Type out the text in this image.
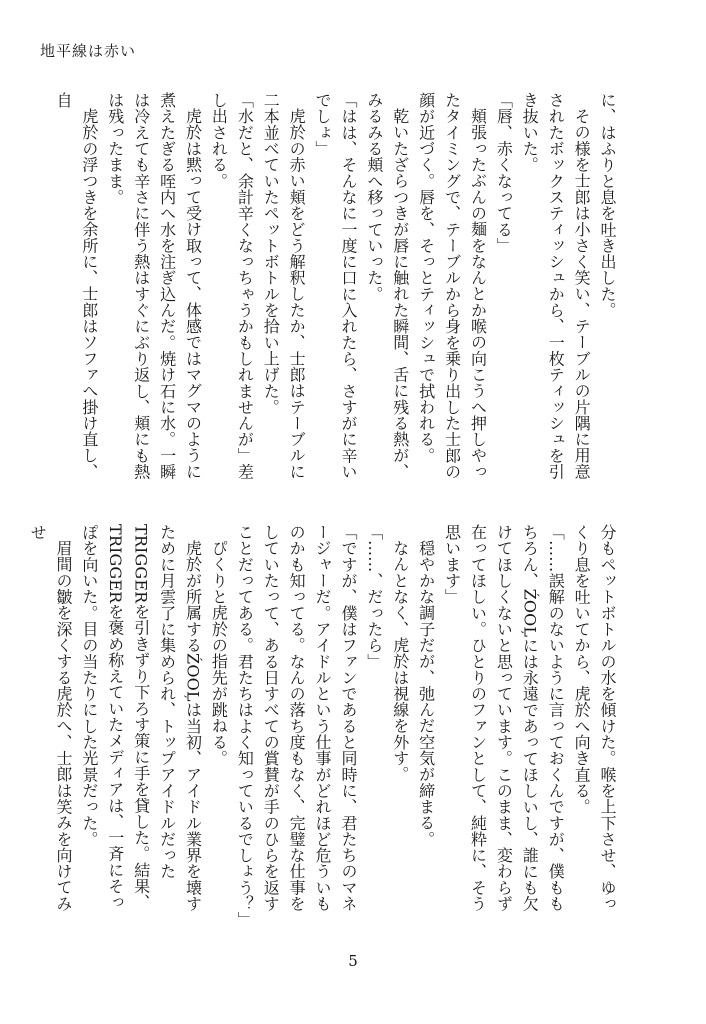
地平線は赤い

に、はふりと息を吐き出した。

その様を士郎は小さく笑い、テーブルの片隅に用意されたボックスティッシュから、一枚ティッシュを引き抜いた。

「唇、赤くなってる」

頬張ったぶんの麺をなんとか喉の向こうへ押しやったタイミングで、テーブルから身を乗り出した士郎の顔が近づく。唇を、そっとティッシュで拭われる。

乾いたざらつきが唇に触れた瞬間、舌に残る熱が、みるみる頬へ移っていった。

「はは、そんなに一度に口に入れたら、さすがに辛いでしょ」

虎於の赤い頬をどう解釈したか、士郎はテーブルに二本並べていたペットボトルを拾い上げた。

「水だと、余計辛くなっちゃうかもしれませんが」差し出される。

虎於は黙って受け取って、体感ではマグマのように煮えたぎる咥内へ水を注ぎ込んだ。焼け石に水。一瞬は冷えても辛さに伴う熱はすぐにぶり返し、頬にも熱は残ったまま。

虎於の浮つきを余所に、士郎はソファへ掛け直し、自

分もペットボトルの水を傾けた。喉を上下させ、ゆっくり息を吐いてから、虎於へ向き直る。

「……誤解のないように言っておくんですが、僕ももちろん、ŹOOĻには永遠であってほしいし、誰にも欠けてほしくないと思っています。このまま、変わらず在ってほしい。ひとりのファンとして、純粋に、そう思います」

穏やかな調子だが、弛んだ空気が締まる。

なんとなく、虎於は視線を外す。

「……、だったら」

「ですが、僕はファンであると同時に、君たちのマネージャーだ。アイドルという仕事がどれほど危ういものかも知ってる。なんの落ち度もなく、完璧な仕事をしていたって、ある日すべての賞賛が手のひらを返すことだってある。君たちはよく知っているでしょう？」

ぴくりと虎於の指先が跳ねる。

虎於が所属するŹOOĻは当初、アイドル業界を壊すために月雲了に集められ、トップアイドルだったTRIGGERを引きずり下ろす策に手を貸した。結果、TRIGGERを褒め称えていたメディアは、一斉にそっぽを向いた。目の当たりにした光景だった。

眉間の皺を深くする虎於へ、士郎は笑みを向けてみせ

5
